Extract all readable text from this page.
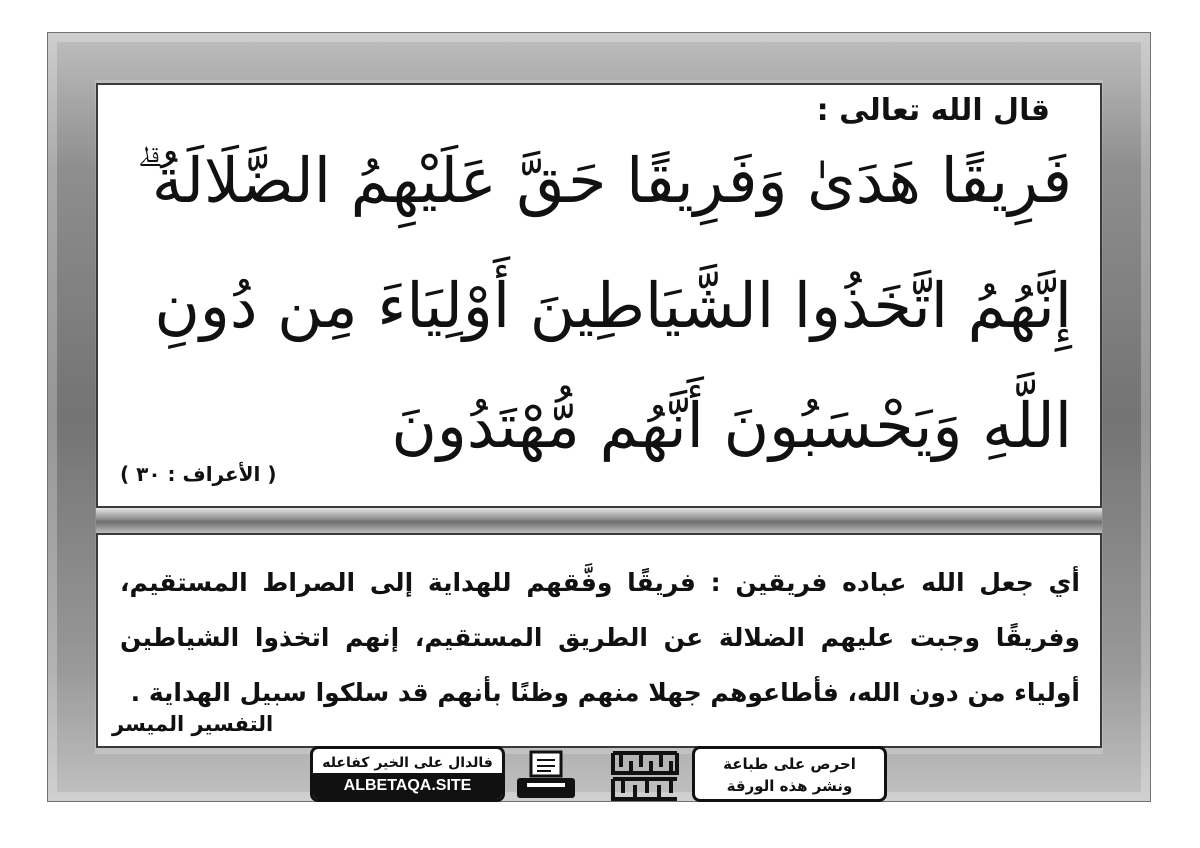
قال الله تعالى :
فَرِيقًا هَدَىٰ وَفَرِيقًا حَقَّ عَلَيْهِمُ الضَّلَالَةُ ۗ
إِنَّهُمُ اتَّخَذُوا الشَّيَاطِينَ أَوْلِيَاءَ مِن دُونِ
اللَّهِ وَيَحْسَبُونَ أَنَّهُم مُّهْتَدُونَ
( الأعراف : ٣٠ )
أي جعل الله عباده فريقين : فريقًا وفَّقهم للهداية إلى الصراط المستقيم، وفريقًا وجبت عليهم الضلالة عن الطريق المستقيم، إنهم اتخذوا الشياطين أولياء من دون الله، فأطاعوهم جهلا منهم وظنًا بأنهم قد سلكوا سبيل الهداية .
التفسير الميسر
فالدال على الخير كفاعله
ALBETAQA.SITE
احرص على طباعة
ونشر هذه الورقة
